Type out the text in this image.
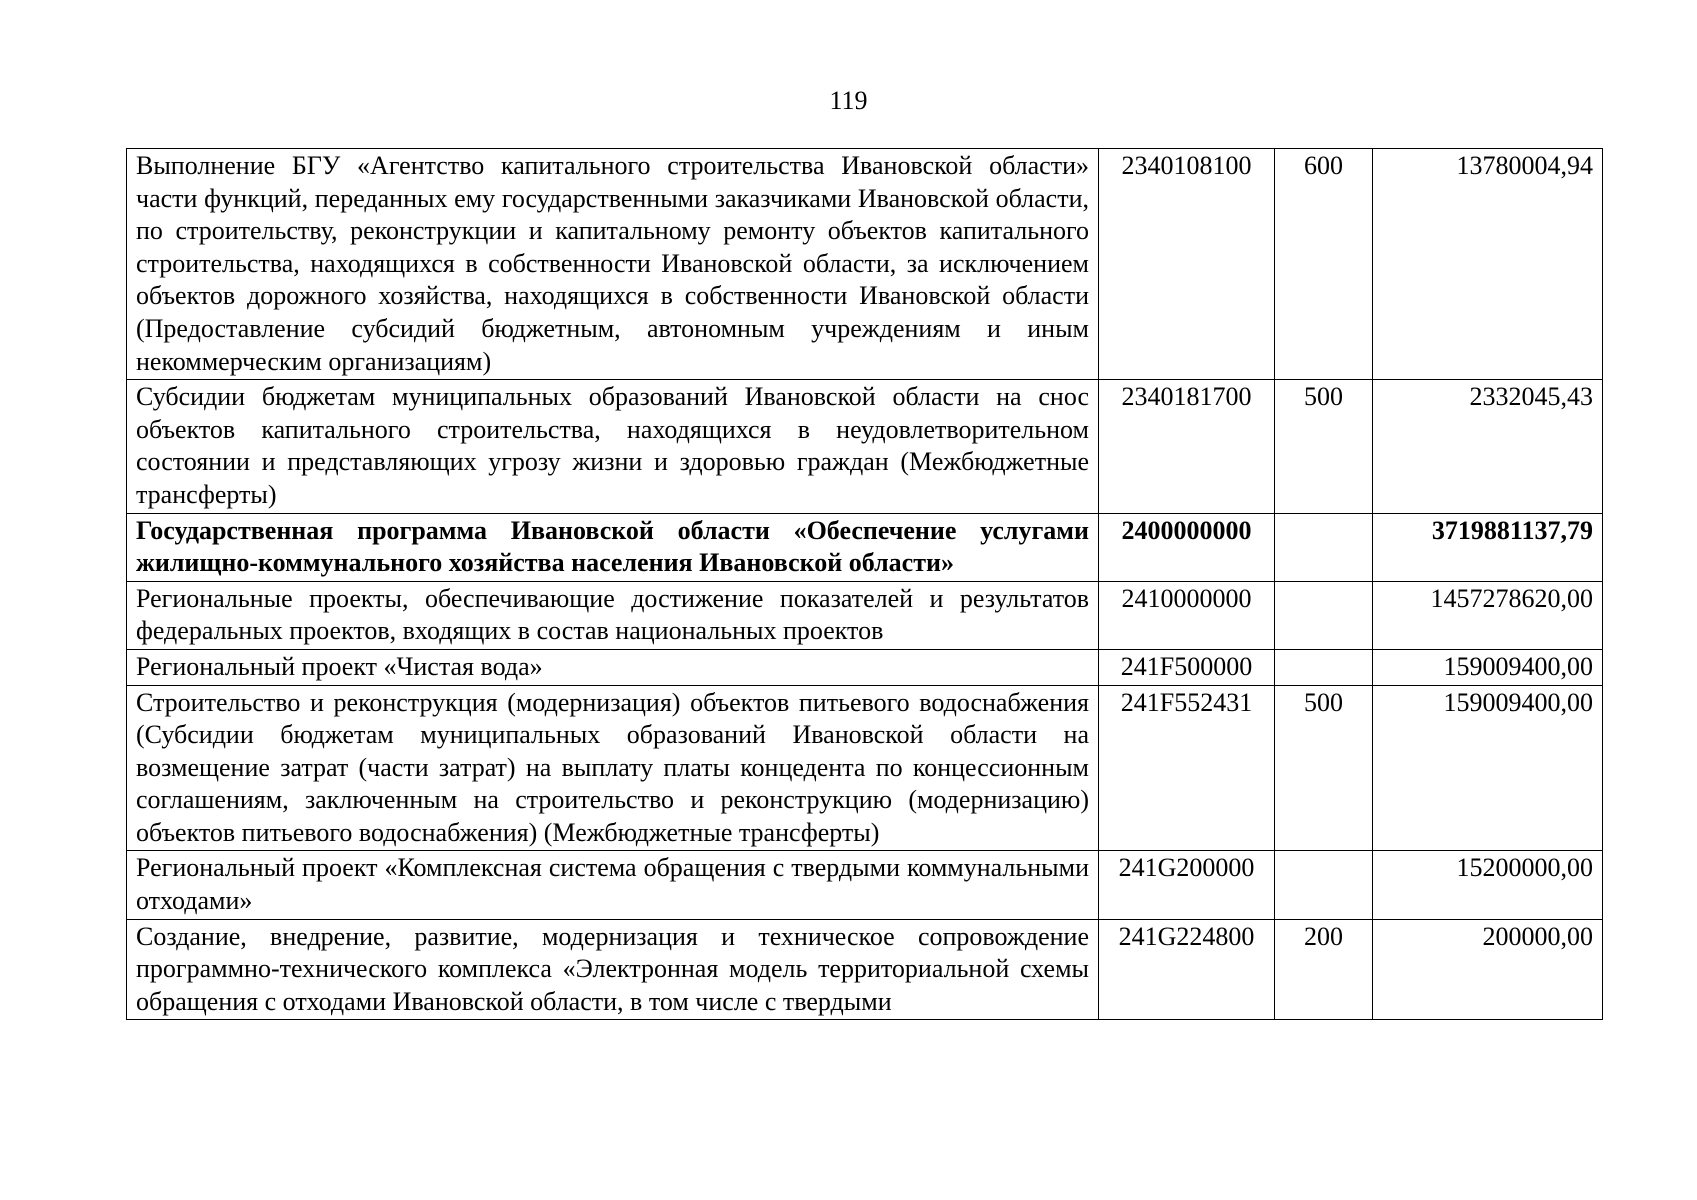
119
Выполнение БГУ «Агентство капитального строительства Ивановской области» части функций, переданных ему государственными заказчиками Ивановской области, по строительству, реконструкции и капитальному ремонту объектов капитального строительства, находящихся в собственности Ивановской области, за исключением объектов дорожного хозяйства, находящихся в собственности Ивановской области (Предоставление субсидий бюджетным, автономным учреждениям и иным некоммерческим организациям)	2340108100	600	13780004,94
Субсидии бюджетам муниципальных образований Ивановской области на снос объектов капитального строительства, находящихся в неудовлетворительном состоянии и представляющих угрозу жизни и здоровью граждан (Межбюджетные трансферты)	2340181700	500	2332045,43
Государственная программа Ивановской области «Обеспечение услугами жилищно-коммунального хозяйства населения Ивановской области»	2400000000		3719881137,79
Региональные проекты, обеспечивающие достижение показателей и результатов федеральных проектов, входящих в состав национальных проектов	2410000000		1457278620,00
Региональный проект «Чистая вода»	241F500000		159009400,00
Строительство и реконструкция (модернизация) объектов питьевого водоснабжения (Субсидии бюджетам муниципальных образований Ивановской области на возмещение затрат (части затрат) на выплату платы концедента по концессионным соглашениям, заключенным на строительство и реконструкцию (модернизацию) объектов питьевого водоснабжения) (Межбюджетные трансферты)	241F552431	500	159009400,00
Региональный проект «Комплексная система обращения с твердыми коммунальными отходами»	241G200000		15200000,00
Создание, внедрение, развитие, модернизация и техническое сопровождение программно-технического комплекса «Электронная модель территориальной схемы обращения с отходами Ивановской области, в том числе с твердыми	241G224800	200	200000,00
